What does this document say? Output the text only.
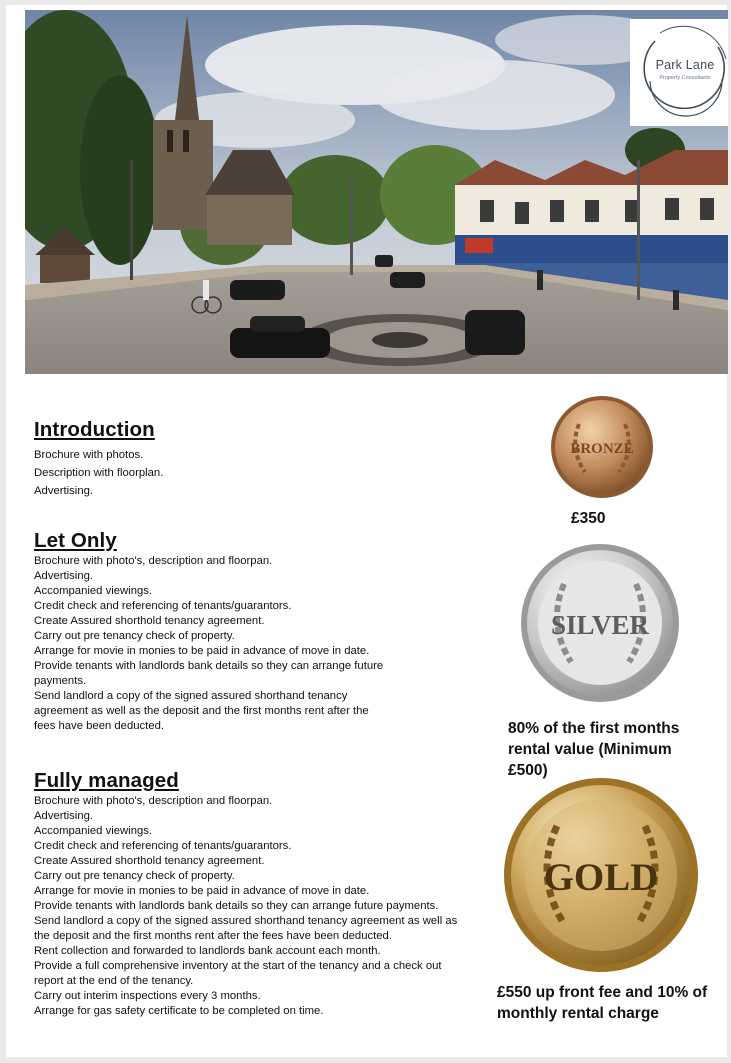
Park Lane
Property Consultants
Introduction
Brochure with photos.
Description with floorplan.
Advertising.
Let Only
Brochure with photo's, description and floorpan.
Advertising.
Accompanied viewings.
Credit check and referencing of tenants/guarantors.
Create Assured shorthold tenancy agreement.
Carry out pre tenancy check of property.
Arrange for movie in monies to be paid in advance of move in date.
Provide tenants with landlords bank details so they can arrange future
payments.
Send landlord a copy of the signed assured shorthand tenancy
agreement as well as the deposit and the first months rent after the
fees have been deducted.
Fully managed
Brochure with photo's, description and floorpan.
Advertising.
Accompanied viewings.
Credit check and referencing of tenants/guarantors.
Create Assured shorthold tenancy agreement.
Carry out pre tenancy check of property.
Arrange for movie in monies to be paid in advance of move in date.
Provide tenants with landlords bank details so they can arrange future payments.
Send landlord a copy of the signed assured shorthand tenancy agreement as well as
the deposit and the first months rent after the fees have been deducted.
Rent collection and forwarded to landlords bank account each month.
Provide a full comprehensive inventory at the start of the tenancy and a check out
report at the end of the tenancy.
Carry out interim inspections every 3 months.
Arrange for gas safety certificate to be completed on time.
BRONZE
£350
SILVER
80% of the first months
rental value (Minimum
£500)
GOLD
£550 up front fee and 10% of
monthly rental charge
